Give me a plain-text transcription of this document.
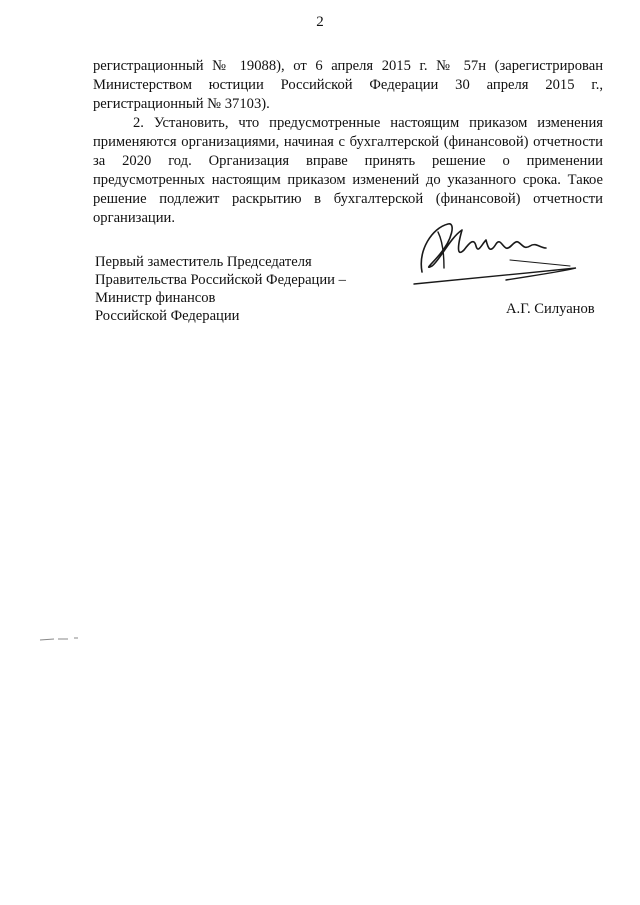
2

регистрационный № 19088), от 6 апреля 2015 г. № 57н (зарегистрирован Министерством юстиции Российской Федерации 30 апреля 2015 г., регистрационный № 37103).

2. Установить, что предусмотренные настоящим приказом изменения применяются организациями, начиная с бухгалтерской (финансовой) отчетности за 2020 год. Организация вправе принять решение о применении предусмотренных настоящим приказом изменений до указанного срока. Такое решение подлежит раскрытию в бухгалтерской (финансовой) отчетности организации.

Первый заместитель Председателя
Правительства Российской Федерации –
Министр финансов
Российской Федерации	А.Г. Силуанов
